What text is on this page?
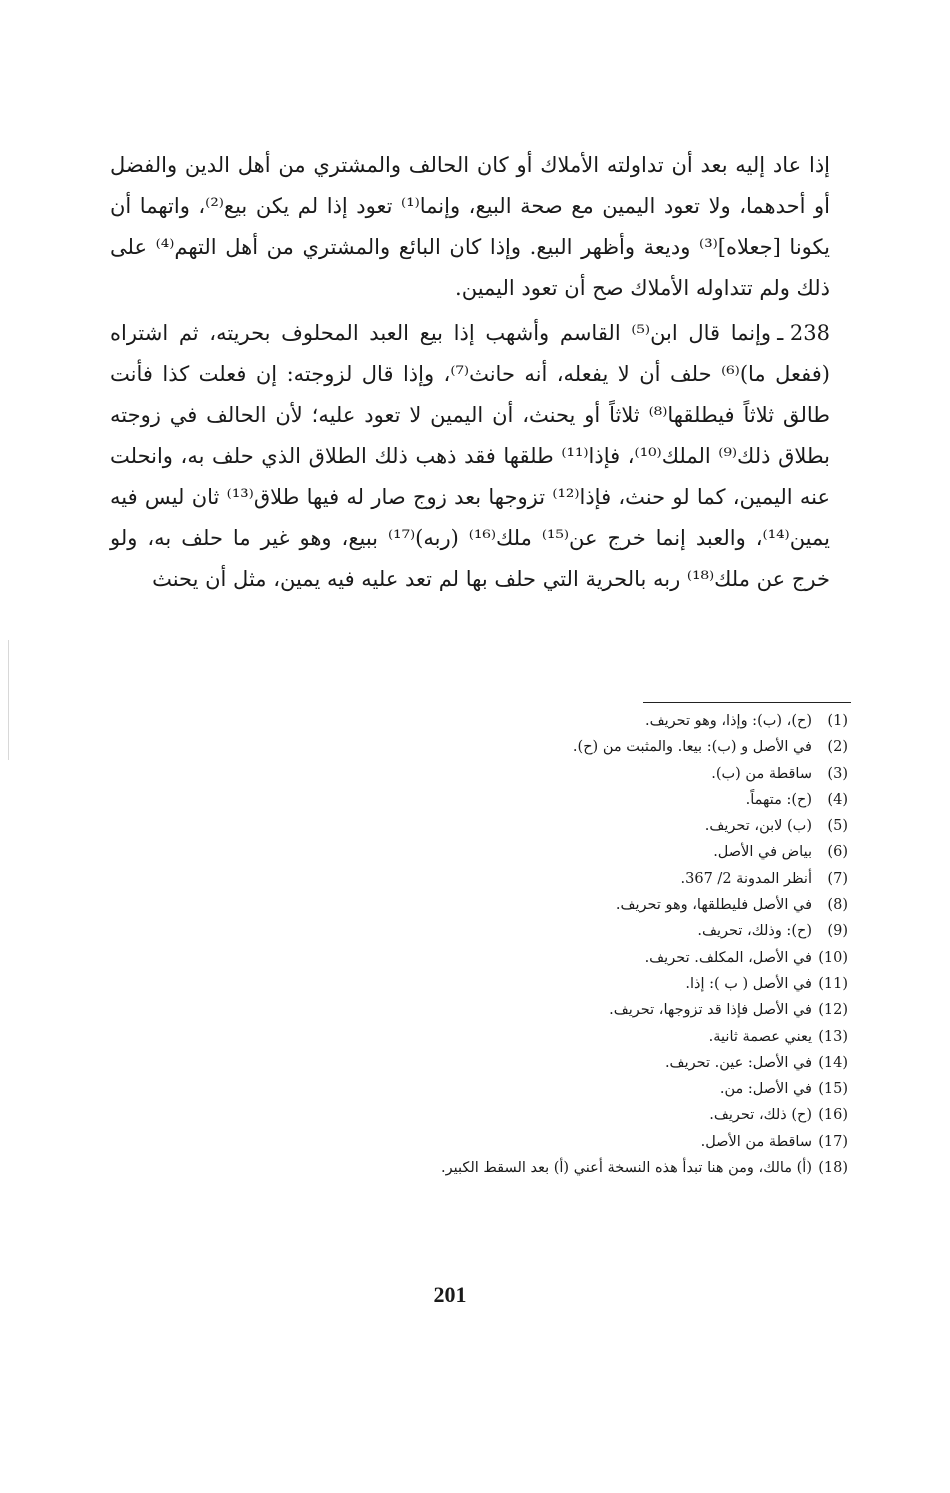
إذا عاد إليه بعد أن تداولته الأملاك أو كان الحالف والمشتري من أهل الدين والفضل أو أحدهما، ولا تعود اليمين مع صحة البيع، وإنما⁽¹⁾ تعود إذا لم يكن بيع⁽²⁾، واتهما أن يكونا [جعلاه]⁽³⁾ وديعة وأظهر البيع. وإذا كان البائع والمشتري من أهل التهم⁽⁴⁾ على ذلك ولم تتداوله الأملاك صح أن تعود اليمين.

238 ـوإنما قال ابن⁽⁵⁾ القاسم وأشهب إذا بيع العبد المحلوف بحريته، ثم اشتراه (ففعل ما)⁽⁶⁾ حلف أن لا يفعله، أنه حانث⁽⁷⁾، وإذا قال لزوجته: إن فعلت كذا فأنت طالق ثلاثاً فيطلقها⁽⁸⁾ ثلاثاً أو يحنث، أن اليمين لا تعود عليه؛ لأن الحالف في زوجته بطلاق ذلك⁽⁹⁾ الملك⁽¹⁰⁾، فإذا⁽¹¹⁾ طلقها فقد ذهب ذلك الطلاق الذي حلف به، وانحلت عنه اليمين، كما لو حنث، فإذا⁽¹²⁾ تزوجها بعد زوج صار له فيها طلاق⁽¹³⁾ ثان ليس فيه يمين⁽¹⁴⁾، والعبد إنما خرج عن⁽¹⁵⁾ ملك⁽¹⁶⁾ (ربه)⁽¹⁷⁾ ببيع، وهو غير ما حلف به، ولو خرج عن ملك⁽¹⁸⁾ ربه بالحرية التي حلف بها لم تعد عليه فيه يمين، مثل أن يحنث

(1)(ح)، (ب): وإذا، وهو تحريف.
(2)في الأصل و (ب): بيعا. والمثبت من (ح).
(3)ساقطة من (ب).
(4)(ح): متهماً.
(5)(ب) لابن، تحريف.
(6)بياض في الأصل.
(7)أنظر المدونة 2/ 367.
(8)في الأصل فليطلقها، وهو تحريف.
(9)(ح): وذلك، تحريف.
(10)في الأصل، المكلف. تحريف.
(11)في الأصل ( ب ): إذا.
(12)في الأصل فإذا قد تزوجها، تحريف.
(13)يعني عصمة ثانية.
(14)في الأصل: عين. تحريف.
(15)في الأصل: من.
(16)(ح) ذلك، تحريف.
(17)ساقطة من الأصل.
(18)(أ) مالك، ومن هنا تبدأ هذه النسخة أعني (أ) بعد السقط الكبير.
201
